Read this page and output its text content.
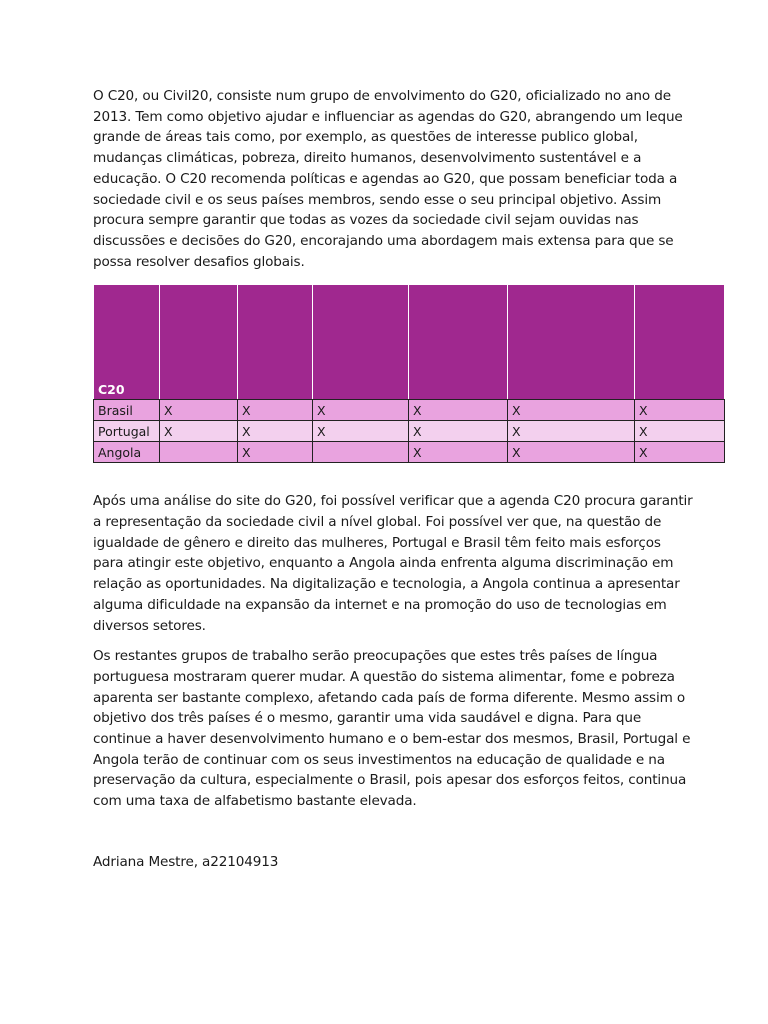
O C20, ou Civil20, consiste num grupo de envolvimento do G20, oficializado no ano de 2013. Tem como objetivo ajudar e influenciar as agendas do G20, abrangendo um leque grande de áreas tais como, por exemplo, as questões de interesse publico global, mudanças climáticas, pobreza, direito humanos, desenvolvimento sustentável e a educação. O C20 recomenda políticas e agendas ao G20, que possam beneficiar toda a sociedade civil e os seus países membros, sendo esse o seu principal objetivo. Assim procura sempre garantir que todas as vozes da sociedade civil sejam ouvidas nas discussões e decisões do G20, encorajando uma abordagem mais extensa para que se possa resolver desafios globais.

C20						
Brasil	X	X	X	X	X	X
Portugal	X	X	X	X	X	X
Angola		X		X	X	X

Após uma análise do site do G20, foi possível verificar que a agenda C20 procura garantir a representação da sociedade civil a nível global. Foi possível ver que, na questão de igualdade de gênero e direito das mulheres, Portugal e Brasil têm feito mais esforços para atingir este objetivo, enquanto a Angola ainda enfrenta alguma discriminação em relação as oportunidades. Na digitalização e tecnologia, a Angola continua a apresentar alguma dificuldade na expansão da internet e na promoção do uso de tecnologias em diversos setores.

Os restantes grupos de trabalho serão preocupações que estes três países de língua portuguesa mostraram querer mudar. A questão do sistema alimentar, fome e pobreza aparenta ser bastante complexo, afetando cada país de forma diferente. Mesmo assim o objetivo dos três países é o mesmo, garantir uma vida saudável e digna. Para que continue a haver desenvolvimento humano e o bem-estar dos mesmos, Brasil, Portugal e Angola terão de continuar com os seus investimentos na educação de qualidade e na preservação da cultura, especialmente o Brasil, pois apesar dos esforços feitos, continua com uma taxa de alfabetismo bastante elevada.

Adriana Mestre, a22104913
